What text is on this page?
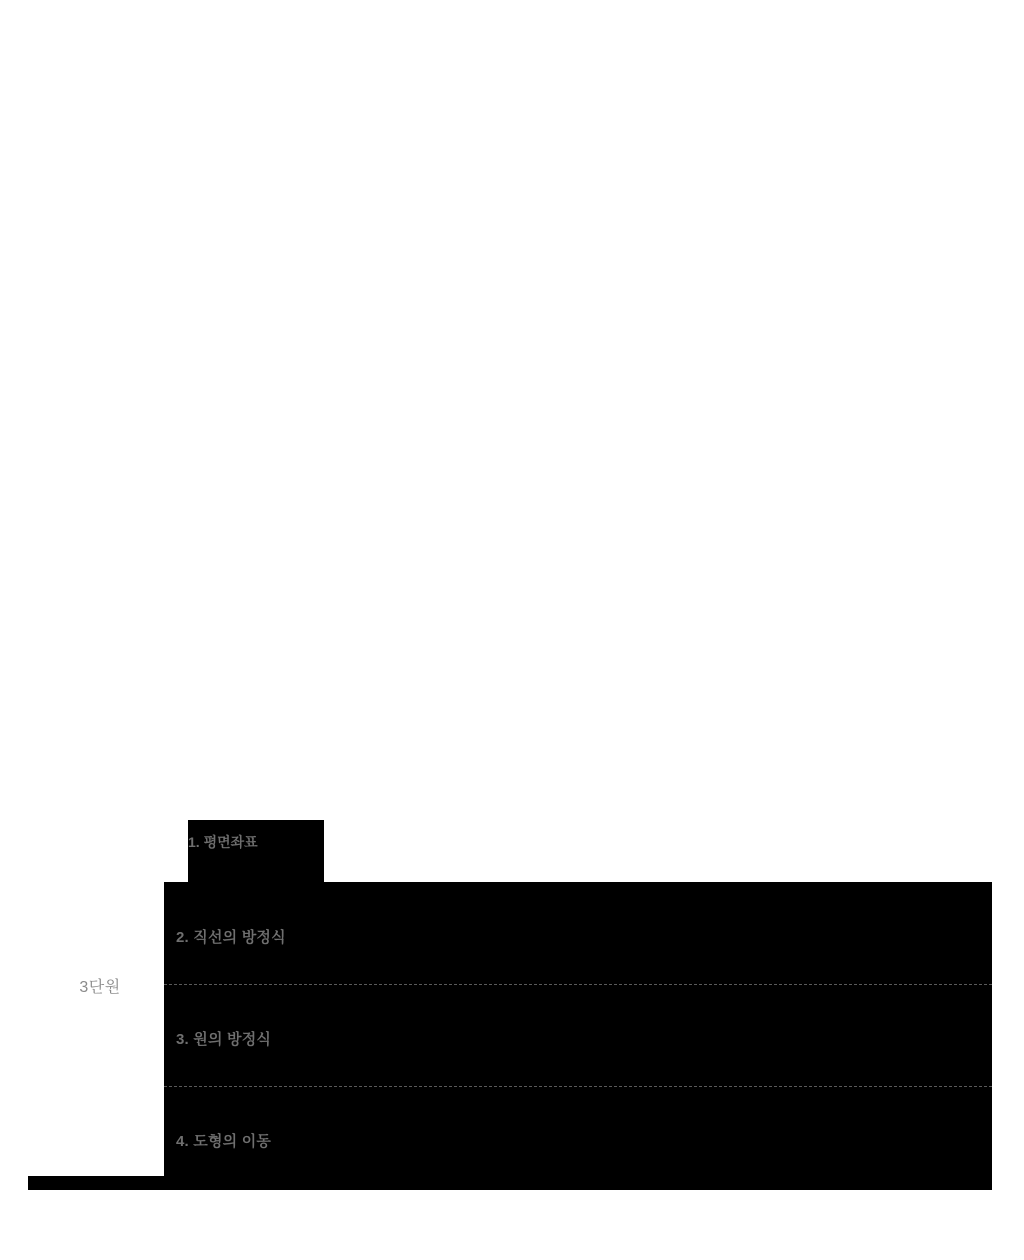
3단원
1. 평면좌표
2. 직선의 방정식
3. 원의 방정식
4. 도형의 이동
